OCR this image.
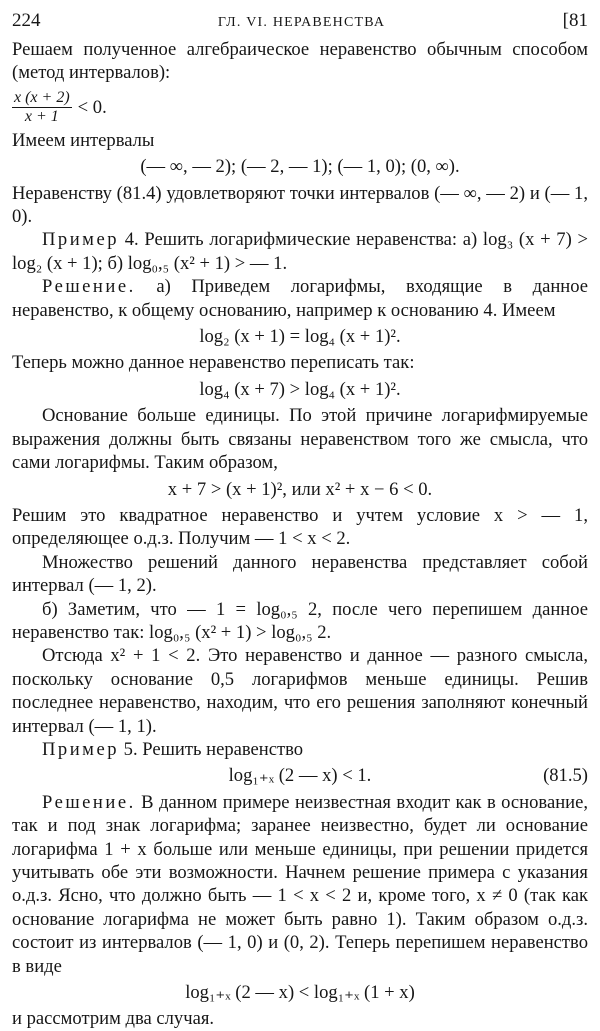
224	ГЛ. VI. НЕРАВЕНСТВА	[81

Решаем полученное алгебраическое неравенство обычным способом (метод интервалов):

$\frac{x (x + 2)}{x + 1} < 0$.

Имеем интервалы

(— ∞, — 2); (— 2, — 1); (— 1, 0); (0, ∞).

Неравенству (81.4) удовлетворяют точки интервалов (— ∞, — 2) и (— 1, 0).

Пример 4. Решить логарифмические неравенства: а) log₃ (x + 7) > log₂ (x + 1); б) log₀,₅ (x² + 1) > — 1.

Решение. а) Приведем логарифмы, входящие в данное неравенство, к общему основанию, например к основанию 4. Имеем

log₂ (x + 1) = log₄ (x + 1)².

Теперь можно данное неравенство переписать так:

log₄ (x + 7) > log₄ (x + 1)².

Основание больше единицы. По этой причине логарифмируемые выражения должны быть связаны неравенством того же смысла, что сами логарифмы. Таким образом,

x + 7 > (x + 1)², или x² + x − 6 < 0.

Решим это квадратное неравенство и учтем условие x > — 1, определяющее о.д.з. Получим — 1 < x < 2.

Множество решений данного неравенства представляет собой интервал (— 1, 2).

б) Заметим, что — 1 = log₀,₅ 2, после чего перепишем данное неравенство так: log₀,₅ (x² + 1) > log₀,₅ 2.

Отсюда x² + 1 < 2. Это неравенство и данное — разного смысла, поскольку основание 0,5 логарифмов меньше единицы. Решив последнее неравенство, находим, что его решения заполняют конечный интервал (— 1, 1).

Пример 5. Решить неравенство

log₁₊ₓ (2 — x) < 1.	(81.5)

Решение. В данном примере неизвестная входит как в основание, так и под знак логарифма; заранее неизвестно, будет ли основание логарифма 1 + x больше или меньше единицы, при решении придется учитывать обе эти возможности. Начнем решение примера с указания о.д.з. Ясно, что должно быть — 1 < x < 2 и, кроме того, x ≠ 0 (так как основание логарифма не может быть равно 1). Таким образом о.д.з. состоит из интервалов (— 1, 0) и (0, 2). Теперь перепишем неравенство в виде

log₁₊ₓ (2 — x) < log₁₊ₓ (1 + x)

и рассмотрим два случая.
